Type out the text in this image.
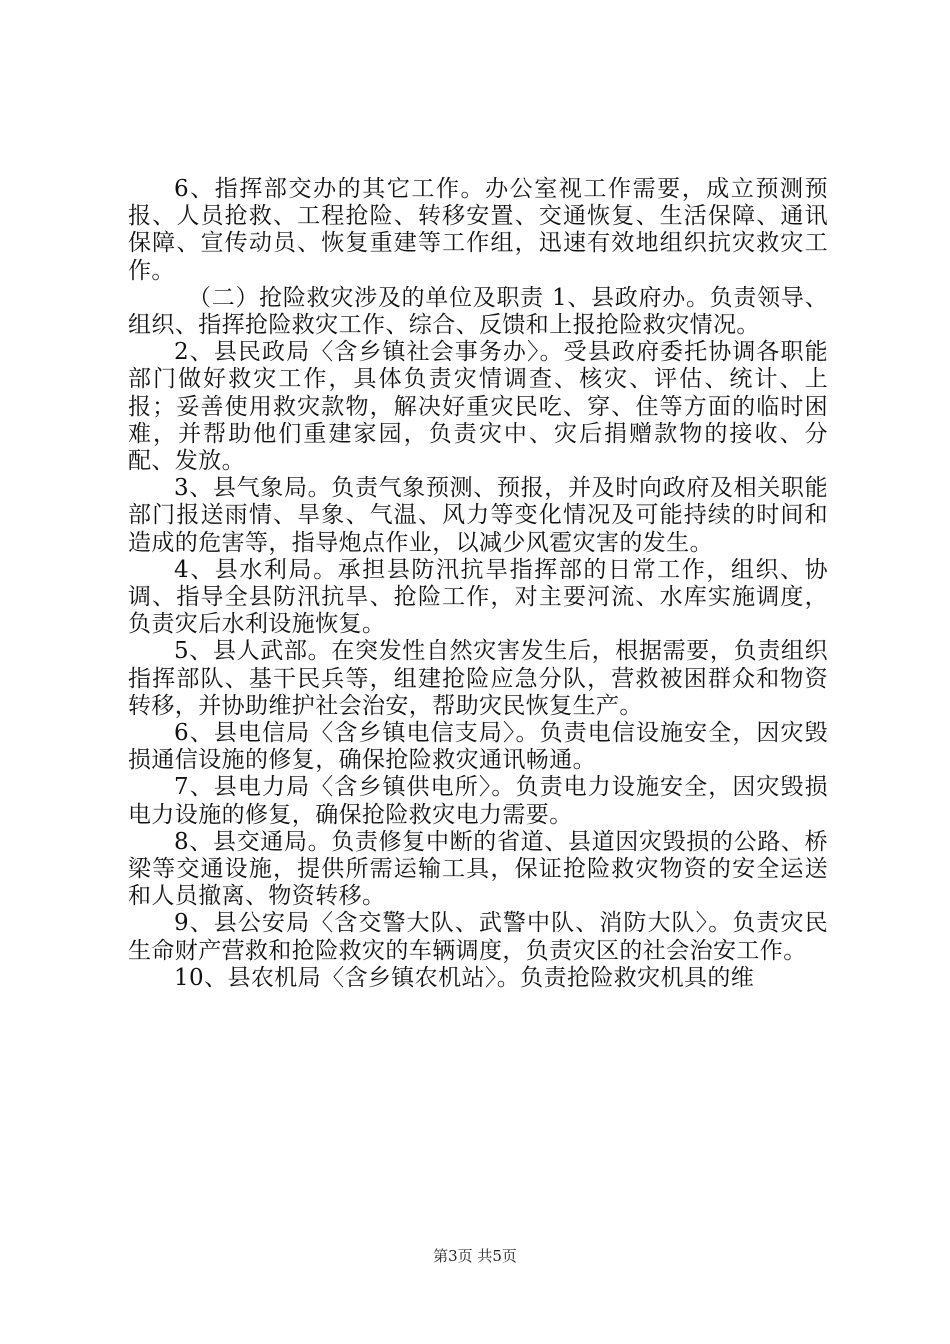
6、指挥部交办的其它工作。办公室视工作需要，成立预测预报、人员抢救、工程抢险、转移安置、交通恢复、生活保障、通讯保障、宣传动员、恢复重建等工作组，迅速有效地组织抗灾救灾工作。

（二）抢险救灾涉及的单位及职责 1、县政府办。负责领导、组织、指挥抢险救灾工作、综合、反馈和上报抢险救灾情况。

2、县民政局〈含乡镇社会事务办〉。受县政府委托协调各职能部门做好救灾工作，具体负责灾情调查、核灾、评估、统计、上报；妥善使用救灾款物，解决好重灾民吃、穿、住等方面的临时困难，并帮助他们重建家园，负责灾中、灾后捐赠款物的接收、分配、发放。

3、县气象局。负责气象预测、预报，并及时向政府及相关职能部门报送雨情、旱象、气温、风力等变化情况及可能持续的时间和造成的危害等，指导炮点作业，以减少风雹灾害的发生。

4、县水利局。承担县防汛抗旱指挥部的日常工作，组织、协调、指导全县防汛抗旱、抢险工作，对主要河流、水库实施调度，负责灾后水利设施恢复。

5、县人武部。在突发性自然灾害发生后，根据需要，负责组织指挥部队、基干民兵等，组建抢险应急分队，营救被困群众和物资转移，并协助维护社会治安，帮助灾民恢复生产。

6、县电信局〈含乡镇电信支局〉。负责电信设施安全，因灾毁损通信设施的修复，确保抢险救灾通讯畅通。

7、县电力局〈含乡镇供电所〉。负责电力设施安全，因灾毁损电力设施的修复，确保抢险救灾电力需要。

8、县交通局。负责修复中断的省道、县道因灾毁损的公路、桥梁等交通设施，提供所需运输工具，保证抢险救灾物资的安全运送和人员撤离、物资转移。

9、县公安局〈含交警大队、武警中队、消防大队〉。负责灾民生命财产营救和抢险救灾的车辆调度，负责灾区的社会治安工作。

10、县农机局〈含乡镇农机站〉。负责抢险救灾机具的维

第3页 共5页
